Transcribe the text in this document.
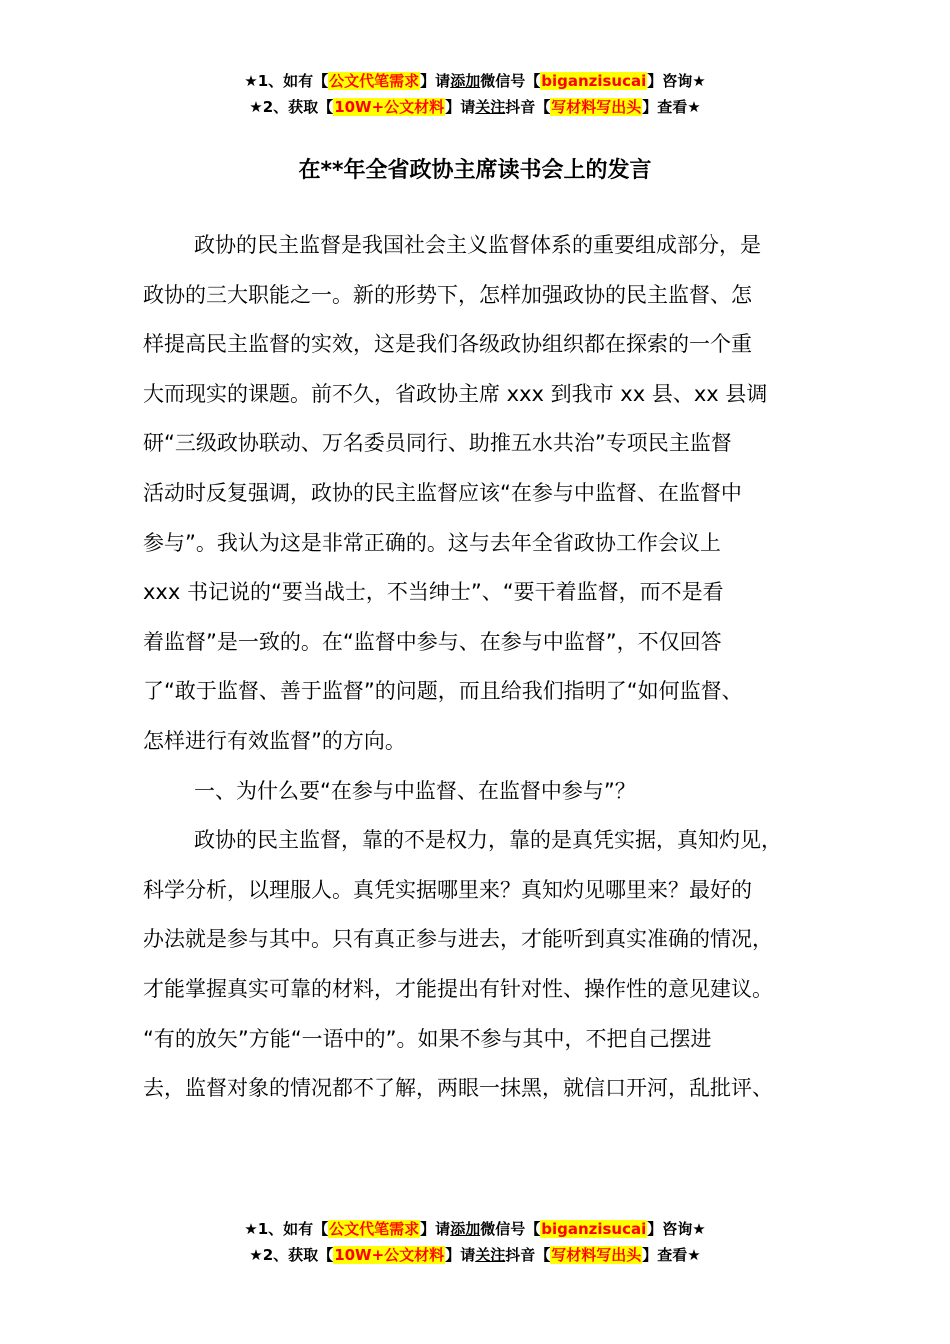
★1、如有【公文代笔需求】请添加微信号【biganzisucai】咨询★
★2、获取【10W+公文材料】请关注抖音【写材料写出头】查看★
在**年全省政协主席读书会上的发言

政协的民主监督是我国社会主义监督体系的重要组成部分，是

政协的三大职能之一。新的形势下，怎样加强政协的民主监督、怎

样提高民主监督的实效，这是我们各级政协组织都在探索的一个重

大而现实的课题。前不久，省政协主席 xxx 到我市 xx 县、xx 县调

研“三级政协联动、万名委员同行、助推五水共治”专项民主监督

活动时反复强调，政协的民主监督应该“在参与中监督、在监督中

参与”。我认为这是非常正确的。这与去年全省政协工作会议上

xxx 书记说的“要当战士，不当绅士”、“要干着监督，而不是看

着监督”是一致的。在“监督中参与、在参与中监督”，不仅回答

了“敢于监督、善于监督”的问题，而且给我们指明了“如何监督、

怎样进行有效监督”的方向。

一、为什么要“在参与中监督、在监督中参与”？

政协的民主监督，靠的不是权力，靠的是真凭实据，真知灼见，

科学分析，以理服人。真凭实据哪里来？真知灼见哪里来？最好的

办法就是参与其中。只有真正参与进去，才能听到真实准确的情况，

才能掌握真实可靠的材料，才能提出有针对性、操作性的意见建议。

“有的放矢”方能“一语中的”。如果不参与其中，不把自己摆进

去，监督对象的情况都不了解，两眼一抹黑，就信口开河，乱批评、

★1、如有【公文代笔需求】请添加微信号【biganzisucai】咨询★
★2、获取【10W+公文材料】请关注抖音【写材料写出头】查看★
